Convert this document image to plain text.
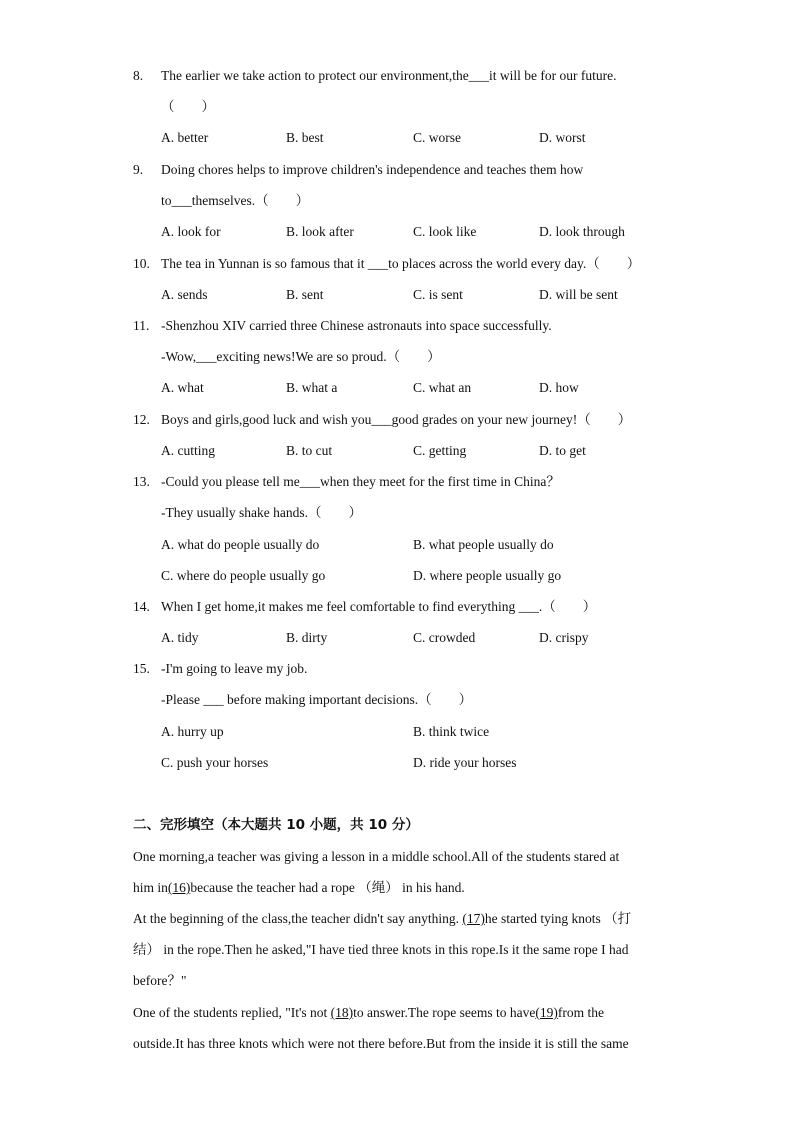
8.	The earlier we take action to protect our environment,the___it will be for our future.
（　　）
A. better	B. best	C. worse	D. worst
9.	Doing chores helps to improve children's independence and teaches them how
to___themselves.（　　）
A. look for	B. look after	C. look like	D. look through
10. The tea in Yunnan is so famous that it ___to places across the world every day.（　　）
A. sends	B. sent	C. is sent	D. will be sent
11. -Shenzhou XIV carried three Chinese astronauts into space successfully.
-Wow,___exciting news!We are so proud.（　　）
A. what	B. what a	C. what an	D. how
12. Boys and girls,good luck and wish you___good grades on your new journey!（　　）
A. cutting	B. to cut	C. getting	D. to get
13. -Could you please tell me___when they meet for the first time in China？
-They usually shake hands.（　　）
A. what do people usually do	B. what people usually do
C. where do people usually go	D. where people usually go
14. When I get home,it makes me feel comfortable to find everything ___.（　　）
A. tidy	B. dirty	C. crowded	D. crispy
15. -I'm going to leave my job.
-Please ___ before making important decisions.（　　）
A. hurry up	B. think twice
C. push your horses	D. ride your horses
二、完形填空（本大题共 10 小题，共 10 分）
One morning,a teacher was giving a lesson in a middle school.All of the students stared at
him in(16)because the teacher had a rope （绳） in his hand.
At the beginning of the class,the teacher didn't say anything. (17)he started tying knots （打
结） in the rope.Then he asked,"I have tied three knots in this rope.Is it the same rope I had
before？"
One of the students replied, "It's not (18)to answer.The rope seems to have(19)from the
outside.It has three knots which were not there before.But from the inside it is still the same
